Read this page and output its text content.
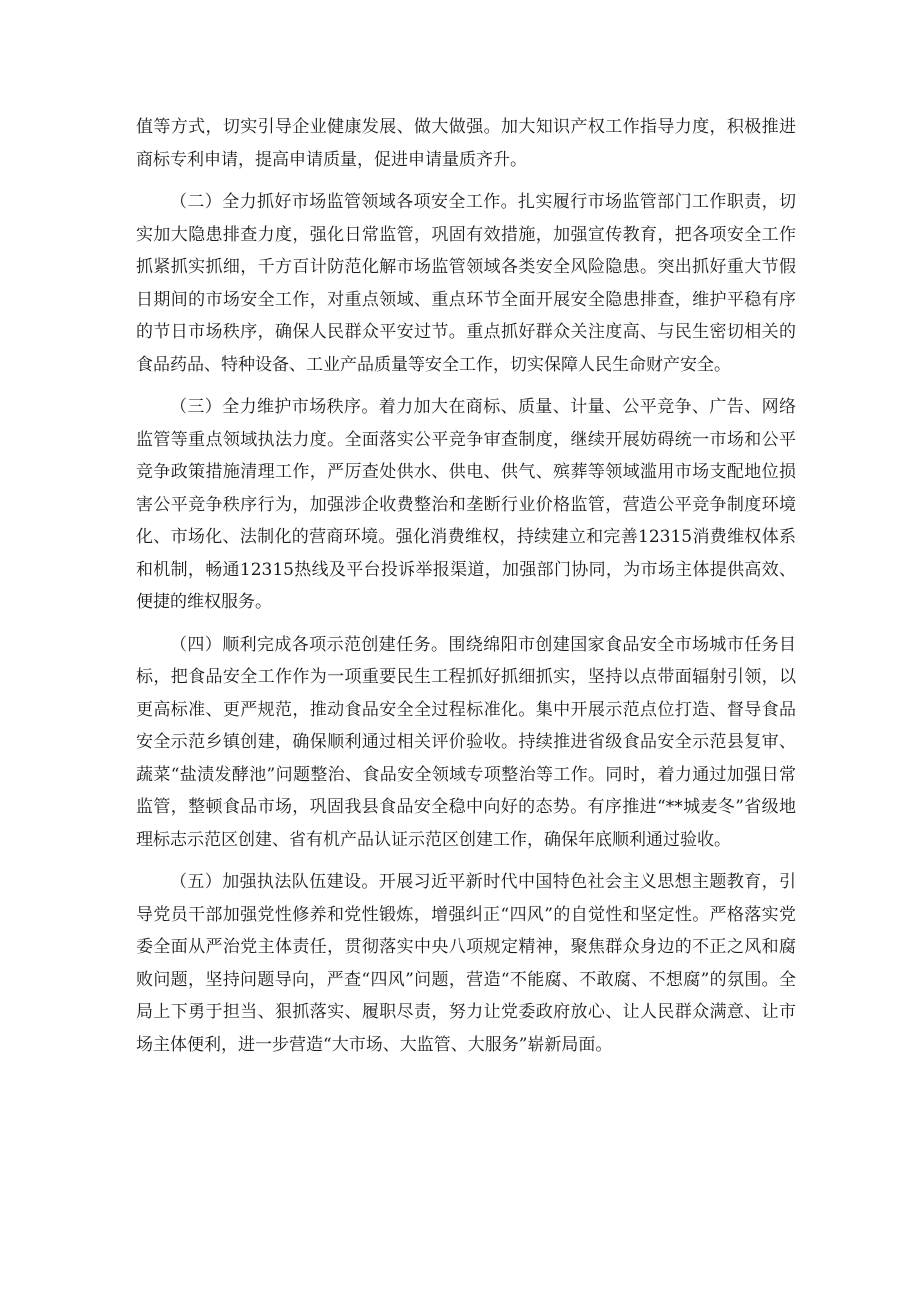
值等方式，切实引导企业健康发展、做大做强。加大知识产权工作指导力度，积极推进商标专利申请，提高申请质量，促进申请量质齐升。

（二）全力抓好市场监管领域各项安全工作。扎实履行市场监管部门工作职责，切实加大隐患排查力度，强化日常监管，巩固有效措施，加强宣传教育，把各项安全工作抓紧抓实抓细，千方百计防范化解市场监管领域各类安全风险隐患。突出抓好重大节假日期间的市场安全工作，对重点领域、重点环节全面开展安全隐患排查，维护平稳有序的节日市场秩序，确保人民群众平安过节。重点抓好群众关注度高、与民生密切相关的食品药品、特种设备、工业产品质量等安全工作，切实保障人民生命财产安全。

（三）全力维护市场秩序。着力加大在商标、质量、计量、公平竞争、广告、网络监管等重点领域执法力度。全面落实公平竞争审查制度，继续开展妨碍统一市场和公平竞争政策措施清理工作，严厉查处供水、供电、供气、殡葬等领域滥用市场支配地位损害公平竞争秩序行为，加强涉企收费整治和垄断行业价格监管，营造公平竞争制度环境化、市场化、法制化的营商环境。强化消费维权，持续建立和完善12315消费维权体系和机制，畅通12315热线及平台投诉举报渠道，加强部门协同，为市场主体提供高效、便捷的维权服务。

（四）顺利完成各项示范创建任务。围绕绵阳市创建国家食品安全市场城市任务目标，把食品安全工作作为一项重要民生工程抓好抓细抓实，坚持以点带面辐射引领，以更高标准、更严规范，推动食品安全全过程标准化。集中开展示范点位打造、督导食品安全示范乡镇创建，确保顺利通过相关评价验收。持续推进省级食品安全示范县复审、蔬菜“盐渍发酵池”问题整治、食品安全领域专项整治等工作。同时，着力通过加强日常监管，整顿食品市场，巩固我县食品安全稳中向好的态势。有序推进“**城麦冬”省级地理标志示范区创建、省有机产品认证示范区创建工作，确保年底顺利通过验收。

（五）加强执法队伍建设。开展习近平新时代中国特色社会主义思想主题教育，引导党员干部加强党性修养和党性锻炼，增强纠正“四风”的自觉性和坚定性。严格落实党委全面从严治党主体责任，贯彻落实中央八项规定精神，聚焦群众身边的不正之风和腐败问题，坚持问题导向，严查“四风”问题，营造“不能腐、不敢腐、不想腐”的氛围。全局上下勇于担当、狠抓落实、履职尽责，努力让党委政府放心、让人民群众满意、让市场主体便利，进一步营造“大市场、大监管、大服务”崭新局面。
